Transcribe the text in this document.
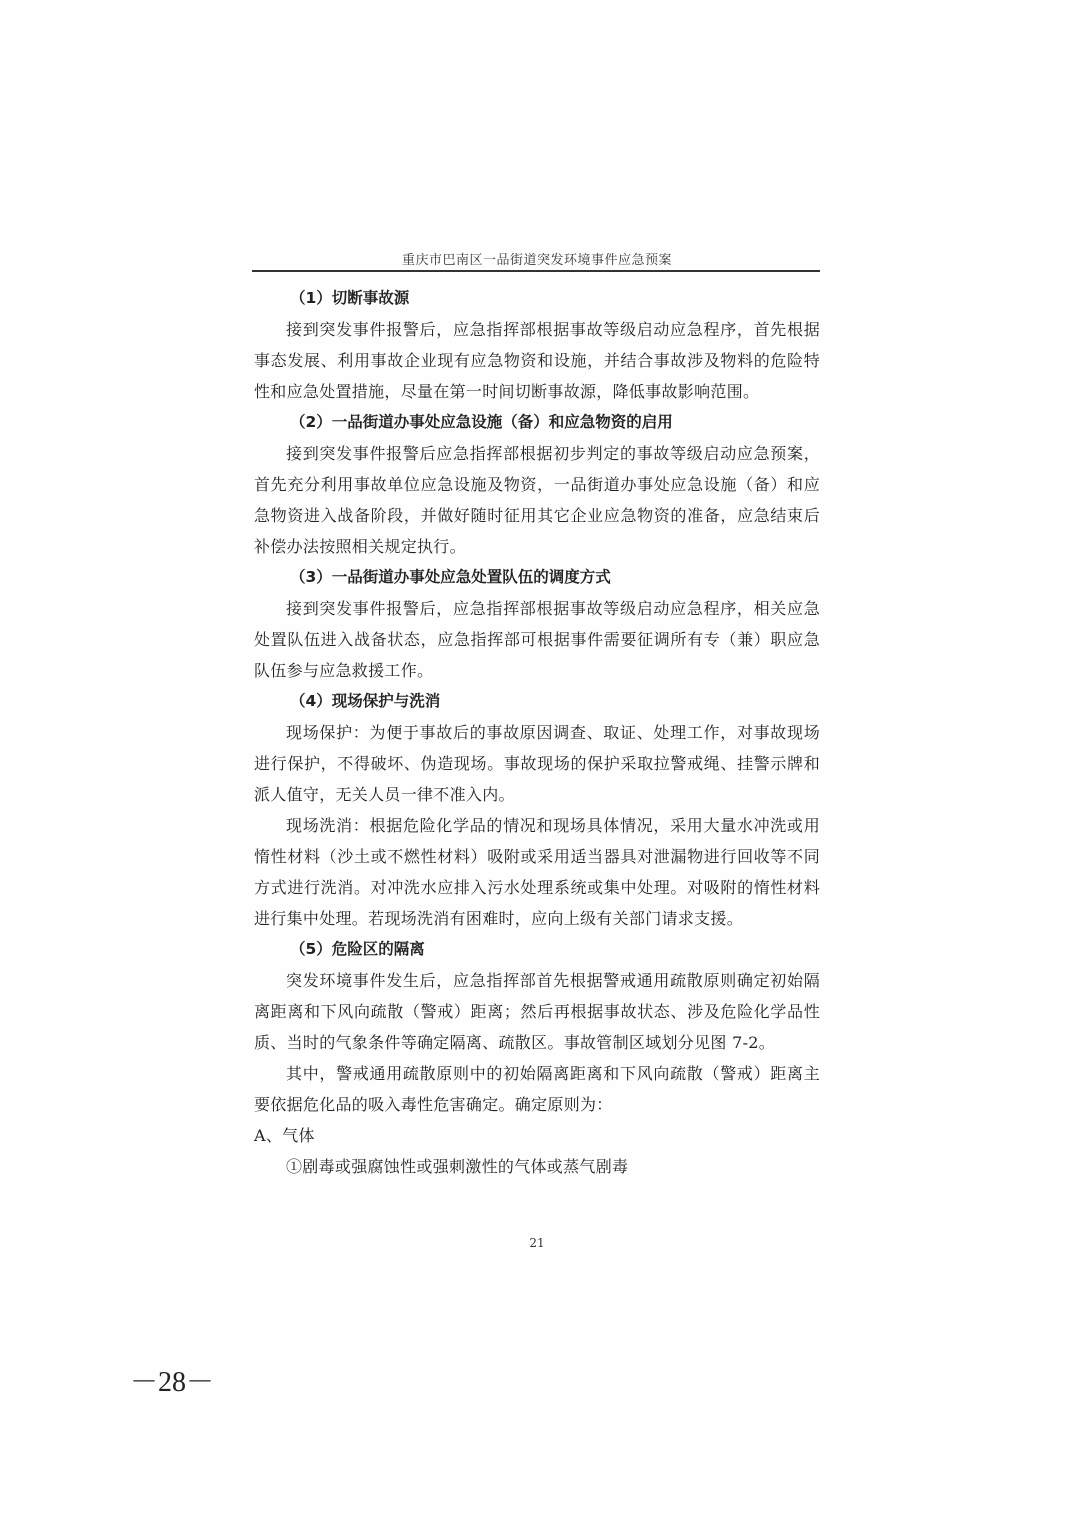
重庆市巴南区一品街道突发环境事件应急预案
（1）切断事故源

接到突发事件报警后，应急指挥部根据事故等级启动应急程序，首先根据事态发展、利用事故企业现有应急物资和设施，并结合事故涉及物料的危险特性和应急处置措施，尽量在第一时间切断事故源，降低事故影响范围。

（2）一品街道办事处应急设施（备）和应急物资的启用

接到突发事件报警后应急指挥部根据初步判定的事故等级启动应急预案，首先充分利用事故单位应急设施及物资，一品街道办事处应急设施（备）和应急物资进入战备阶段，并做好随时征用其它企业应急物资的准备，应急结束后补偿办法按照相关规定执行。

（3）一品街道办事处应急处置队伍的调度方式

接到突发事件报警后，应急指挥部根据事故等级启动应急程序，相关应急处置队伍进入战备状态，应急指挥部可根据事件需要征调所有专（兼）职应急队伍参与应急救援工作。

（4）现场保护与洗消

现场保护：为便于事故后的事故原因调查、取证、处理工作，对事故现场进行保护，不得破坏、伪造现场。事故现场的保护采取拉警戒绳、挂警示牌和派人值守，无关人员一律不准入内。

现场洗消：根据危险化学品的情况和现场具体情况，采用大量水冲洗或用惰性材料（沙土或不燃性材料）吸附或采用适当器具对泄漏物进行回收等不同方式进行洗消。对冲洗水应排入污水处理系统或集中处理。对吸附的惰性材料进行集中处理。若现场洗消有困难时，应向上级有关部门请求支援。

（5）危险区的隔离

突发环境事件发生后，应急指挥部首先根据警戒通用疏散原则确定初始隔离距离和下风向疏散（警戒）距离；然后再根据事故状态、涉及危险化学品性质、当时的气象条件等确定隔离、疏散区。事故管制区域划分见图 7-2。

其中，警戒通用疏散原则中的初始隔离距离和下风向疏散（警戒）距离主要依据危化品的吸入毒性危害确定。确定原则为：

A、气体

①剧毒或强腐蚀性或强刺激性的气体或蒸气剧毒

21
－28－
